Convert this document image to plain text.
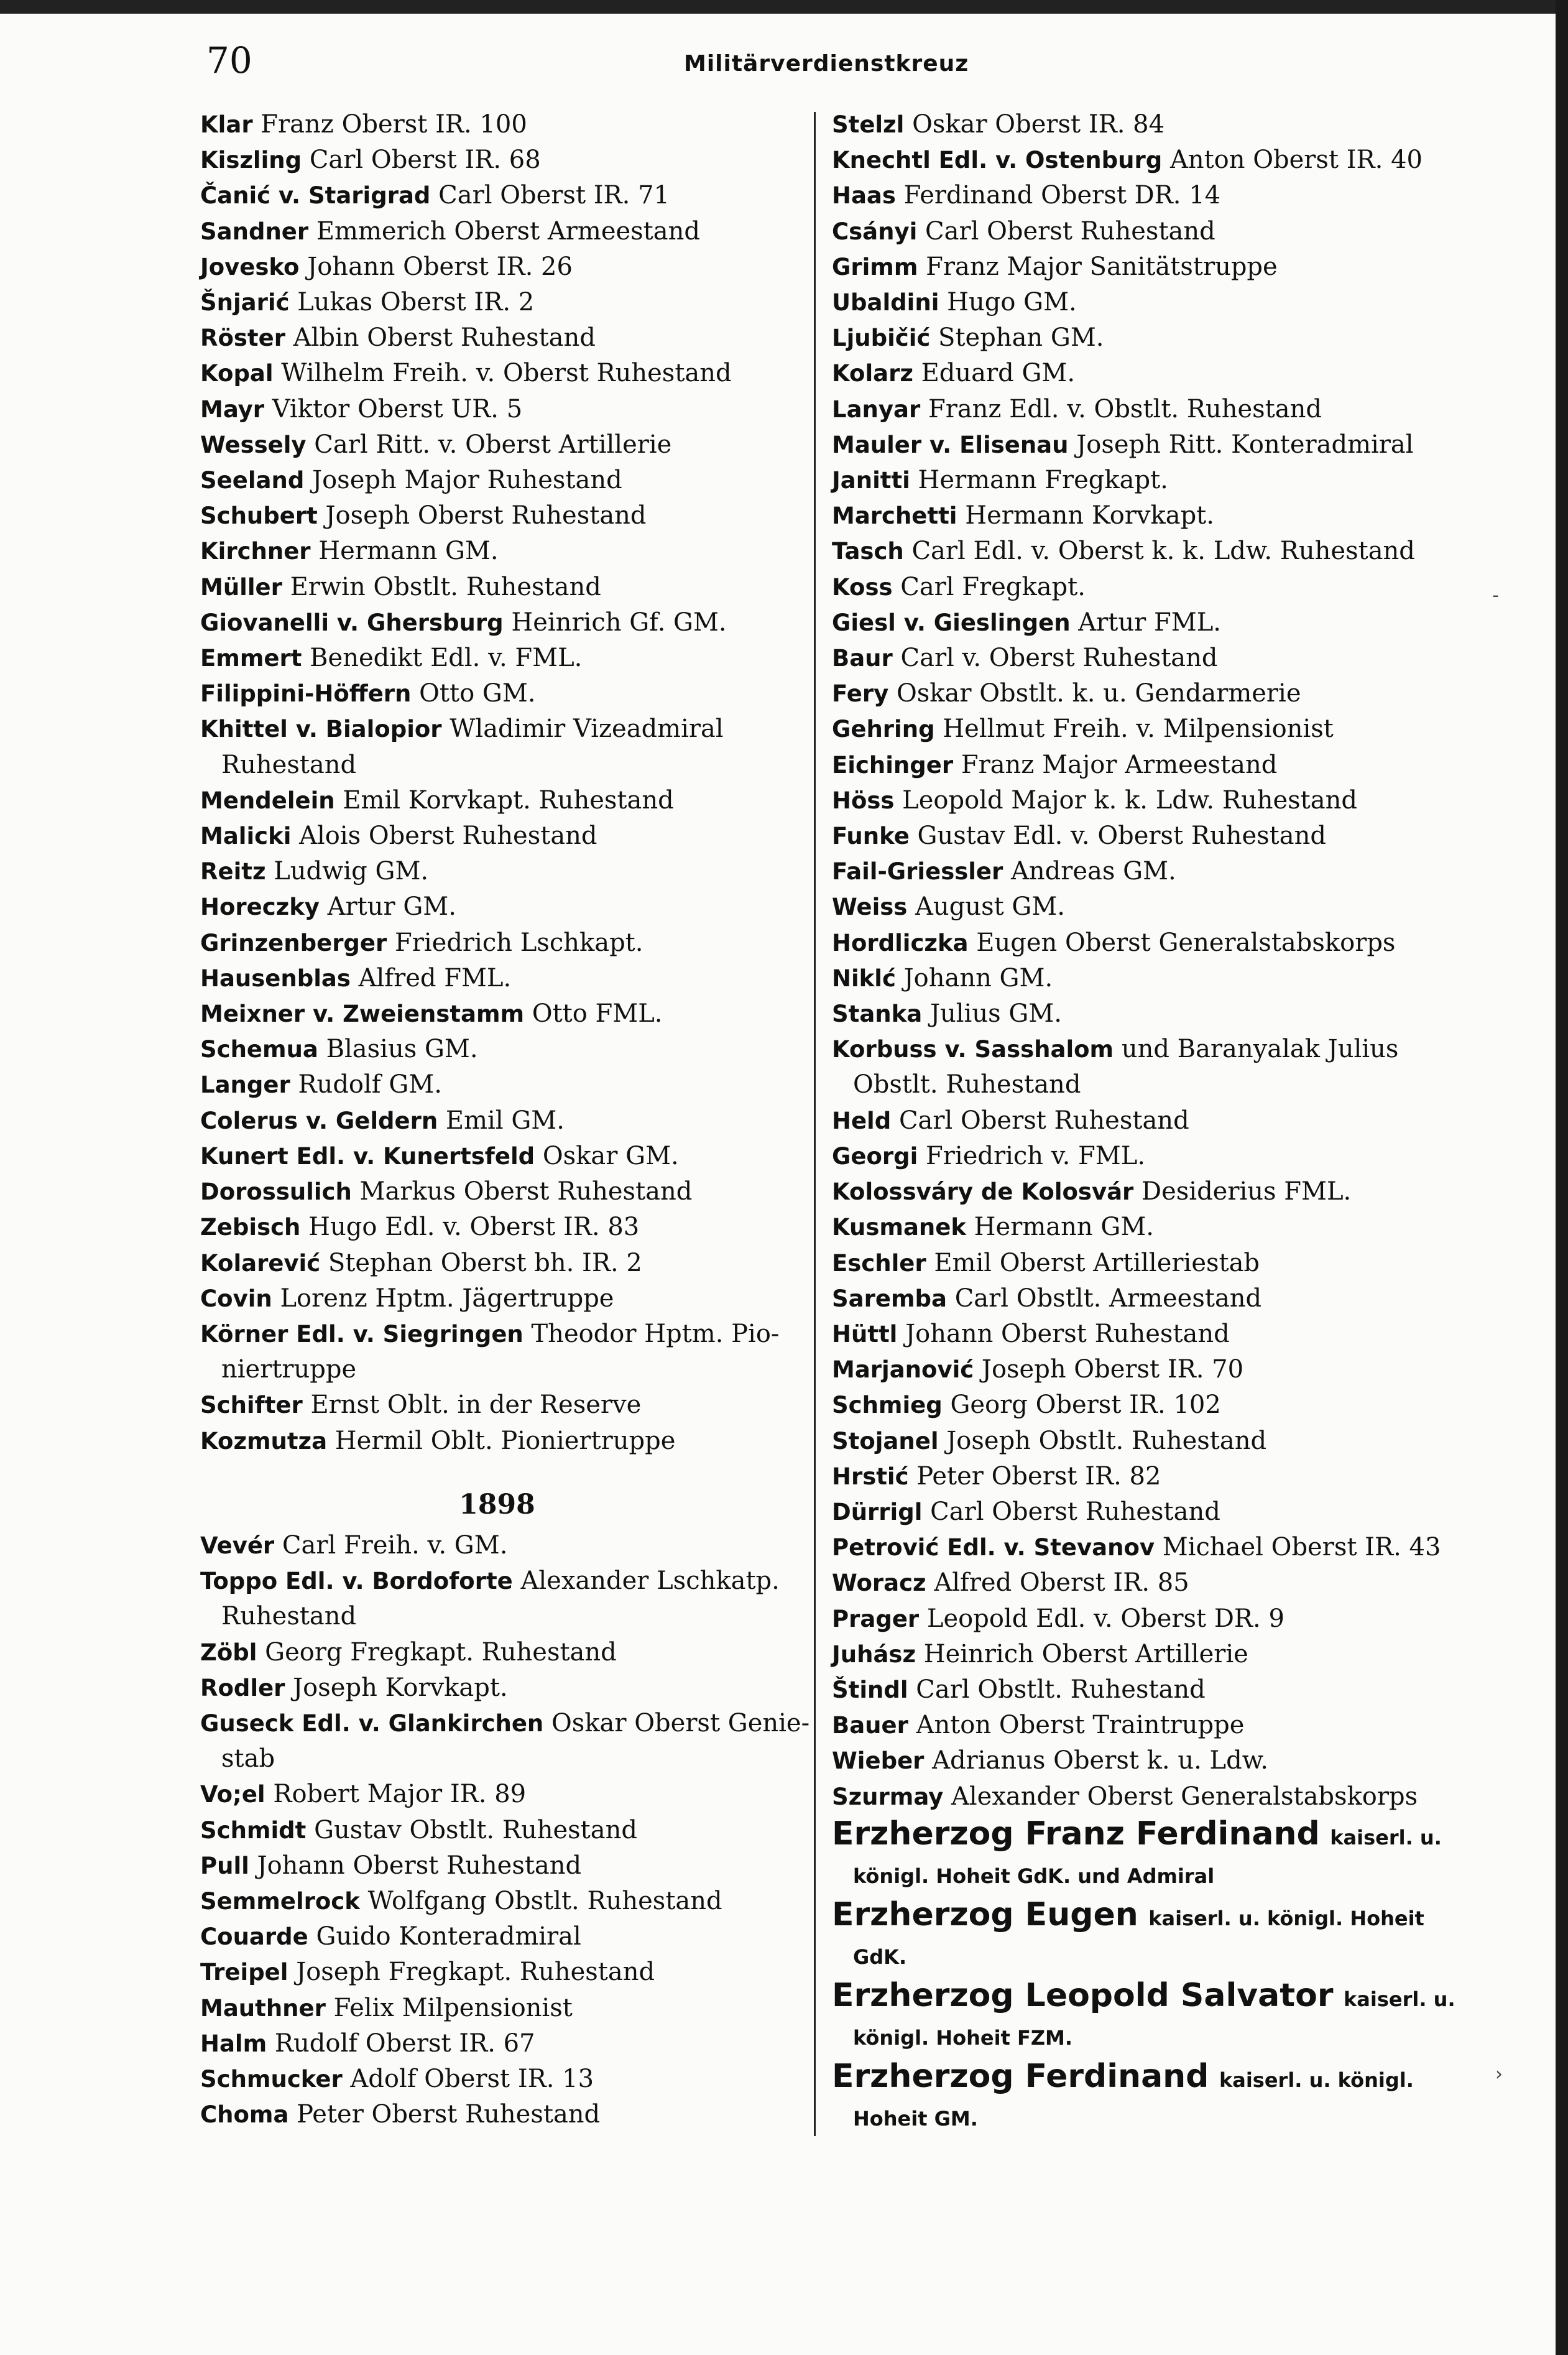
70	Militärverdienstkreuz

Klar Franz Oberst IR. 100

Kiszling Carl Oberst IR. 68

Čanić v. Starigrad Carl Oberst IR. 71

Sandner Emmerich Oberst Armeestand

Jovesko Johann Oberst IR. 26

Šnjarić Lukas Oberst IR. 2

Röster Albin Oberst Ruhestand

Kopal Wilhelm Freih. v. Oberst Ruhestand

Mayr Viktor Oberst UR. 5

Wessely Carl Ritt. v. Oberst Artillerie

Seeland Joseph Major Ruhestand

Schubert Joseph Oberst Ruhestand

Kirchner Hermann GM.

Müller Erwin Obstlt. Ruhestand

Giovanelli v. Ghersburg Heinrich Gf. GM.

Emmert Benedikt Edl. v. FML.

Filippini-Höffern Otto GM.

Khittel v. Bialopior Wladimir Vizeadmiral
Ruhestand

Mendelein Emil Korvkapt. Ruhestand

Malicki Alois Oberst Ruhestand

Reitz Ludwig GM.

Horeczky Artur GM.

Grinzenberger Friedrich Lschkapt.

Hausenblas Alfred FML.

Meixner v. Zweienstamm Otto FML.

Schemua Blasius GM.

Langer Rudolf GM.

Colerus v. Geldern Emil GM.

Kunert Edl. v. Kunertsfeld Oskar GM.

Dorossulich Markus Oberst Ruhestand

Zebisch Hugo Edl. v. Oberst IR. 83

Kolarević Stephan Oberst bh. IR. 2

Covin Lorenz Hptm. Jägertruppe

Körner Edl. v. Siegringen Theodor Hptm. Pio-
niertruppe

Schifter Ernst Oblt. in der Reserve

Kozmutza Hermil Oblt. Pioniertruppe

1898

Vevér Carl Freih. v. GM.

Toppo Edl. v. Bordoforte Alexander Lschkatp.
Ruhestand

Zöbl Georg Fregkapt. Ruhestand

Rodler Joseph Korvkapt.

Guseck Edl. v. Glankirchen Oskar Oberst Genie-
stab

Vo;el Robert Major IR. 89

Schmidt Gustav Obstlt. Ruhestand

Pull Johann Oberst Ruhestand

Semmelrock Wolfgang Obstlt. Ruhestand

Couarde Guido Konteradmiral

Treipel Joseph Fregkapt. Ruhestand

Mauthner Felix Milpensionist

Halm Rudolf Oberst IR. 67

Schmucker Adolf Oberst IR. 13

Choma Peter Oberst Ruhestand

Stelzl Oskar Oberst IR. 84

Knechtl Edl. v. Ostenburg Anton Oberst IR. 40

Haas Ferdinand Oberst DR. 14

Csányi Carl Oberst Ruhestand

Grimm Franz Major Sanitätstruppe

Ubaldini Hugo GM.

Ljubičić Stephan GM.

Kolarz Eduard GM.

Lanyar Franz Edl. v. Obstlt. Ruhestand

Mauler v. Elisenau Joseph Ritt. Konteradmiral

Janitti Hermann Fregkapt.

Marchetti Hermann Korvkapt.

Tasch Carl Edl. v. Oberst k. k. Ldw. Ruhestand

Koss Carl Fregkapt.

Giesl v. Gieslingen Artur FML.

Baur Carl v. Oberst Ruhestand

Fery Oskar Obstlt. k. u. Gendarmerie

Gehring Hellmut Freih. v. Milpensionist

Eichinger Franz Major Armeestand

Höss Leopold Major k. k. Ldw. Ruhestand

Funke Gustav Edl. v. Oberst Ruhestand

Fail-Griessler Andreas GM.

Weiss August GM.

Hordliczka Eugen Oberst Generalstabskorps

Niklć Johann GM.

Stanka Julius GM.

Korbuss v. Sasshalom und Baranyalak Julius
Obstlt. Ruhestand

Held Carl Oberst Ruhestand

Georgi Friedrich v. FML.

Kolossváry de Kolosvár Desiderius FML.

Kusmanek Hermann GM.

Eschler Emil Oberst Artilleriestab

Saremba Carl Obstlt. Armeestand

Hüttl Johann Oberst Ruhestand

Marjanović Joseph Oberst IR. 70

Schmieg Georg Oberst IR. 102

Stojanel Joseph Obstlt. Ruhestand

Hrstić Peter Oberst IR. 82

Dürrigl Carl Oberst Ruhestand

Petrović Edl. v. Stevanov Michael Oberst IR. 43

Woracz Alfred Oberst IR. 85

Prager Leopold Edl. v. Oberst DR. 9

Juhász Heinrich Oberst Artillerie

Štindl Carl Obstlt. Ruhestand

Bauer Anton Oberst Traintruppe

Wieber Adrianus Oberst k. u. Ldw.

Szurmay Alexander Oberst Generalstabskorps

Erzherzog Franz Ferdinand kaiserl. u.
königl. Hoheit GdK. und Admiral

Erzherzog Eugen kaiserl. u. königl. Hoheit
GdK.

Erzherzog Leopold Salvator kaiserl. u.
königl. Hoheit FZM.

Erzherzog Ferdinand kaiserl. u. königl.
Hoheit GM.

-
›
